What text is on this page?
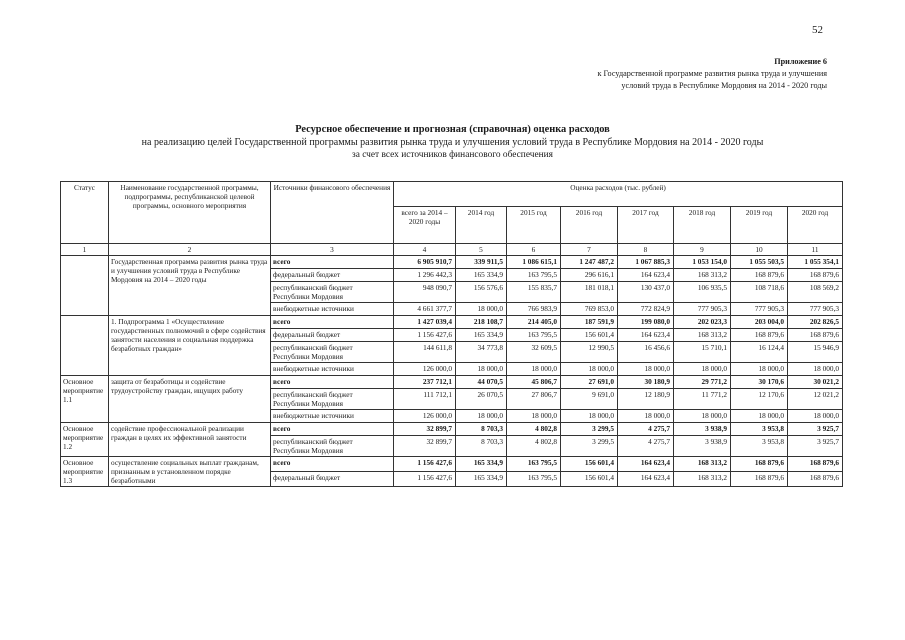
52
Приложение 6
к Государственной программе развития рынка труда и улучшения
условий труда в Республике Мордовия на 2014 - 2020 годы
Ресурсное обеспечение и прогнозная (справочная) оценка расходов
на реализацию целей Государственной программы развития рынка труда и улучшения условий труда в Республике Мордовия на 2014 - 2020 годы
за счет всех источников финансового обеспечения
Статус	Наименование государственной программы, подпрограммы, республиканской целевой программы, основного мероприятия	Источники финансового обеспечения	Оценка расходов (тыс. рублей)							
			всего за 2014 – 2020 годы	2014 год	2015 год	2016 год	2017 год	2018 год	2019 год	2020 год
1	2	3	4	5	6	7	8	9	10	11
	Государственная программа развития рынка труда и улучшения условий труда в Республике Мордовия на 2014 – 2020 годы	всего	6 905 910,7	339 911,5	1 086 615,1	1 247 487,2	1 067 885,3	1 053 154,0	1 055 503,5	1 055 354,1
		федеральный бюджет	1 296 442,3	165 334,9	163 795,5	296 616,1	164 623,4	168 313,2	168 879,6	168 879,6
		республиканский бюджет Республики Мордовия	948 090,7	156 576,6	155 835,7	181 018,1	130 437,0	106 935,5	108 718,6	108 569,2
		внебюджетные источники	4 661 377,7	18 000,0	766 983,9	769 853,0	772 824,9	777 905,3	777 905,3	777 905,3
	1. Подпрограмма 1 «Осуществление государственных полномочий в сфере содействия занятости населения и социальная поддержка безработных граждан»	всего	1 427 039,4	218 108,7	214 405,0	187 591,9	199 080,0	202 023,3	203 004,0	202 826,5
		федеральный бюджет	1 156 427,6	165 334,9	163 795,5	156 601,4	164 623,4	168 313,2	168 879,6	168 879,6
		республиканский бюджет Республики Мордовия	144 611,8	34 773,8	32 609,5	12 990,5	16 456,6	15 710,1	16 124,4	15 946,9
		внебюджетные источники	126 000,0	18 000,0	18 000,0	18 000,0	18 000,0	18 000,0	18 000,0	18 000,0
Основное мероприятие 1.1	защита от безработицы и содействие трудоустройству граждан, ищущих работу	всего	237 712,1	44 070,5	45 806,7	27 691,0	30 180,9	29 771,2	30 170,6	30 021,2
		республиканский бюджет Республики Мордовия	111 712,1	26 070,5	27 806,7	9 691,0	12 180,9	11 771,2	12 170,6	12 021,2
		внебюджетные источники	126 000,0	18 000,0	18 000,0	18 000,0	18 000,0	18 000,0	18 000,0	18 000,0
Основное мероприятие 1.2	содействие профессиональной реализации граждан в целях их эффективной занятости	всего	32 899,7	8 703,3	4 802,8	3 299,5	4 275,7	3 938,9	3 953,8	3 925,7
		республиканский бюджет Республики Мордовия	32 899,7	8 703,3	4 802,8	3 299,5	4 275,7	3 938,9	3 953,8	3 925,7
Основное мероприятие 1.3	осуществление социальных выплат гражданам, признанным в установленном порядке безработными	всего	1 156 427,6	165 334,9	163 795,5	156 601,4	164 623,4	168 313,2	168 879,6	168 879,6
		федеральный бюджет	1 156 427,6	165 334,9	163 795,5	156 601,4	164 623,4	168 313,2	168 879,6	168 879,6
